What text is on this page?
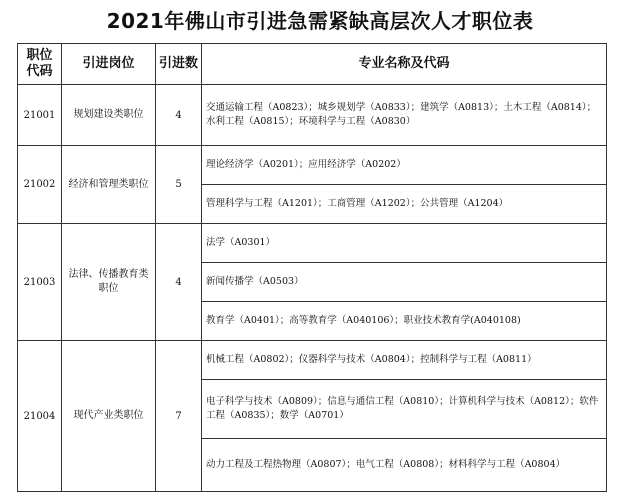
2021年佛山市引进急需紧缺高层次人才职位表
职位
代码	引进岗位	引进数	专业名称及代码
21001	规划建设类职位	4	交通运输工程（A0823）；城乡规划学（A0833）；建筑学（A0813）；土木工程（A0814）；水利工程（A0815）；环境科学与工程（A0830）
21002	经济和管理类职位	5	理论经济学（A0201）；应用经济学（A0202）
			管理科学与工程（A1201）；工商管理（A1202）；公共管理（A1204）
21003	法律、传播教育类职位	4	法学（A0301）
			新闻传播学（A0503）
			教育学（A0401）；高等教育学（A040106）；职业技术教育学(A040108)
21004	现代产业类职位	7	机械工程（A0802）；仪器科学与技术（A0804）；控制科学与工程（A0811）
			电子科学与技术（A0809）；信息与通信工程（A0810）；计算机科学与技术（A0812）；软件工程（A0835）；数学（A0701）
			动力工程及工程热物理（A0807）；电气工程（A0808）；材料科学与工程（A0804）
